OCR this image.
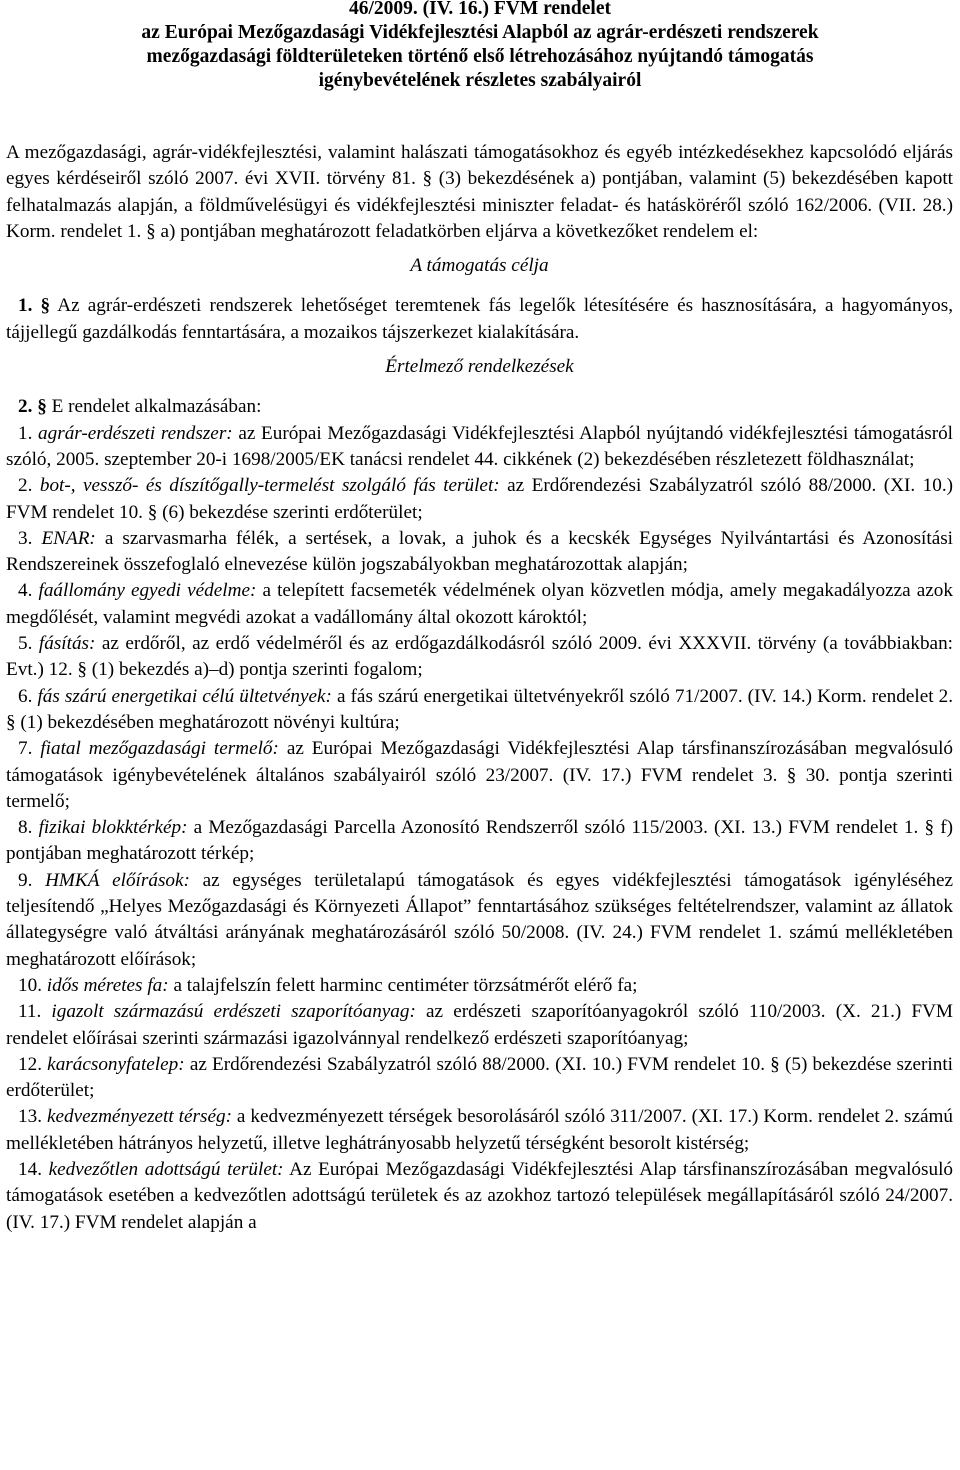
46/2009. (IV. 16.) FVM rendelet
az Európai Mezőgazdasági Vidékfejlesztési Alapból az agrár-erdészeti rendszerek
mezőgazdasági földterületeken történő első létrehozásához nyújtandó támogatás
igénybevételének részletes szabályairól

A mezőgazdasági, agrár-vidékfejlesztési, valamint halászati támogatásokhoz és egyéb intézkedésekhez kapcsolódó eljárás egyes kérdéseiről szóló 2007. évi XVII. törvény 81. § (3) bekezdésének a) pontjában, valamint (5) bekezdésében kapott felhatalmazás alapján, a földművelésügyi és vidékfejlesztési miniszter feladat- és hatásköréről szóló 162/2006. (VII. 28.) Korm. rendelet 1. § a) pontjában meghatározott feladatkörben eljárva a következőket rendelem el:

A támogatás célja

1. § Az agrár-erdészeti rendszerek lehetőséget teremtenek fás legelők létesítésére és hasznosítására, a hagyományos, tájjellegű gazdálkodás fenntartására, a mozaikos tájszerkezet kialakítására.

Értelmező rendelkezések

2. § E rendelet alkalmazásában:

1. agrár-erdészeti rendszer: az Európai Mezőgazdasági Vidékfejlesztési Alapból nyújtandó vidékfejlesztési támogatásról szóló, 2005. szeptember 20-i 1698/2005/EK tanácsi rendelet 44. cikkének (2) bekezdésében részletezett földhasználat;

2. bot-, vessző- és díszítőgally-termelést szolgáló fás terület: az Erdőrendezési Szabályzatról szóló 88/2000. (XI. 10.) FVM rendelet 10. § (6) bekezdése szerinti erdőterület;

3. ENAR: a szarvasmarha félék, a sertések, a lovak, a juhok és a kecskék Egységes Nyilvántartási és Azonosítási Rendszereinek összefoglaló elnevezése külön jogszabályokban meghatározottak alapján;

4. faállomány egyedi védelme: a telepített facsemeték védelmének olyan közvetlen módja, amely megakadályozza azok megdőlését, valamint megvédi azokat a vadállomány által okozott károktól;

5. fásítás: az erdőről, az erdő védelméről és az erdőgazdálkodásról szóló 2009. évi XXXVII. törvény (a továbbiakban: Evt.) 12. § (1) bekezdés a)–d) pontja szerinti fogalom;

6. fás szárú energetikai célú ültetvények: a fás szárú energetikai ültetvényekről szóló 71/2007. (IV. 14.) Korm. rendelet 2. § (1) bekezdésében meghatározott növényi kultúra;

7. fiatal mezőgazdasági termelő: az Európai Mezőgazdasági Vidékfejlesztési Alap társfinanszírozásában megvalósuló támogatások igénybevételének általános szabályairól szóló 23/2007. (IV. 17.) FVM rendelet 3. § 30. pontja szerinti termelő;

8. fizikai blokktérkép: a Mezőgazdasági Parcella Azonosító Rendszerről szóló 115/2003. (XI. 13.) FVM rendelet 1. § f) pontjában meghatározott térkép;

9. HMKÁ előírások: az egységes területalapú támogatások és egyes vidékfejlesztési támogatások igényléséhez teljesítendő „Helyes Mezőgazdasági és Környezeti Állapot” fenntartásához szükséges feltételrendszer, valamint az állatok állategységre való átváltási arányának meghatározásáról szóló 50/2008. (IV. 24.) FVM rendelet 1. számú mellékletében meghatározott előírások;

10. idős méretes fa: a talajfelszín felett harminc centiméter törzsátmérőt elérő fa;

11. igazolt származású erdészeti szaporítóanyag: az erdészeti szaporítóanyagokról szóló 110/2003. (X. 21.) FVM rendelet előírásai szerinti származási igazolvánnyal rendelkező erdészeti szaporítóanyag;

12. karácsonyfatelep: az Erdőrendezési Szabályzatról szóló 88/2000. (XI. 10.) FVM rendelet 10. § (5) bekezdése szerinti erdőterület;

13. kedvezményezett térség: a kedvezményezett térségek besorolásáról szóló 311/2007. (XI. 17.) Korm. rendelet 2. számú mellékletében hátrányos helyzetű, illetve leghátrányosabb helyzetű térségként besorolt kistérség;

14. kedvezőtlen adottságú terület: Az Európai Mezőgazdasági Vidékfejlesztési Alap társfinanszírozásában megvalósuló támogatások esetében a kedvezőtlen adottságú területek és az azokhoz tartozó települések megállapításáról szóló 24/2007. (IV. 17.) FVM rendelet alapján a
